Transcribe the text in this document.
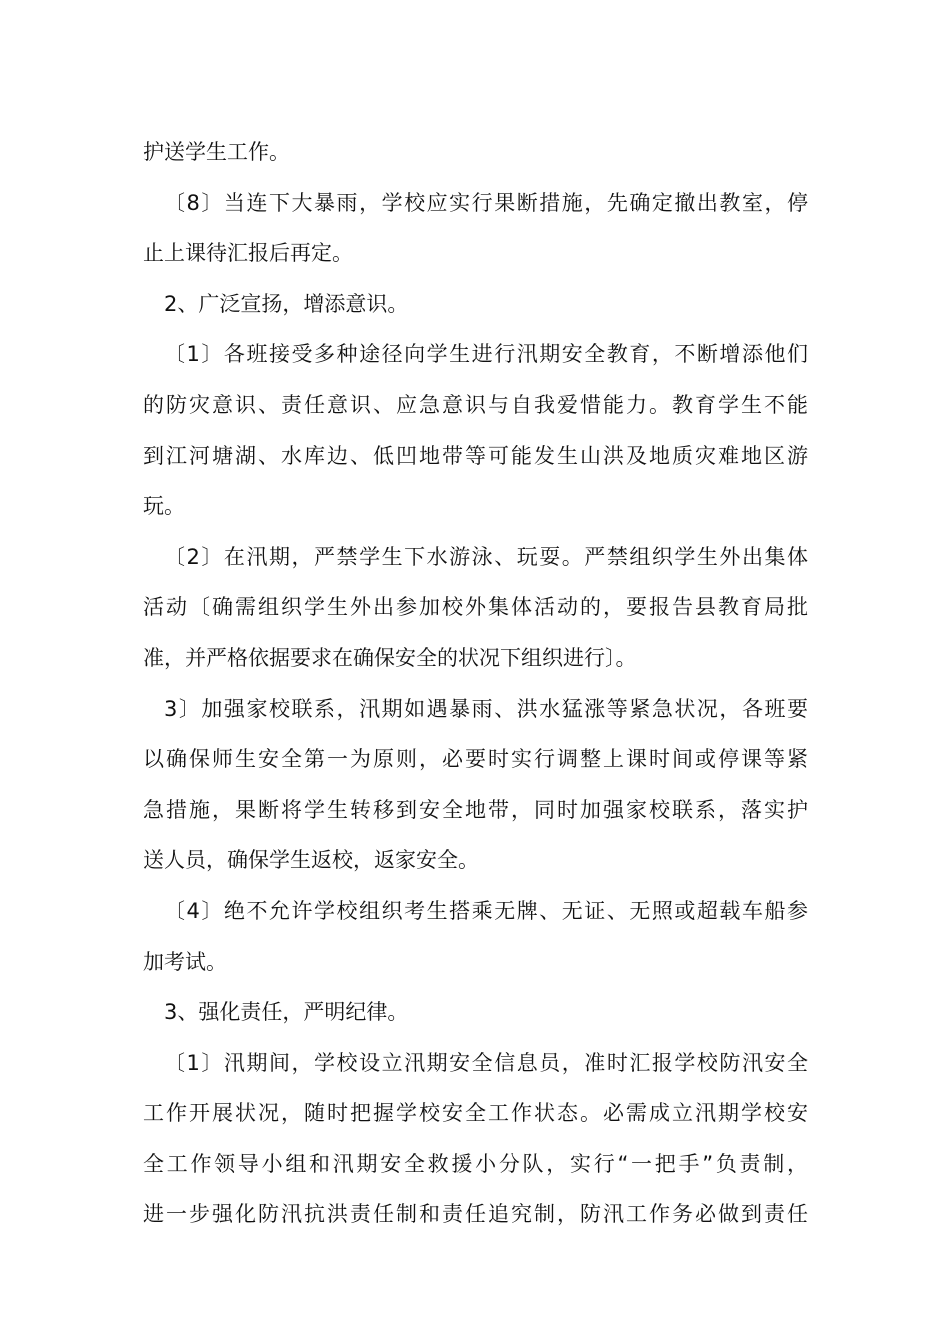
护送学生工作。
〔8〕当连下大暴雨，学校应实行果断措施，先确定撤出教室，停
止上课待汇报后再定。
2、广泛宣扬，增添意识。
〔1〕各班接受多种途径向学生进行汛期安全教育，不断增添他们
的防灾意识、责任意识、应急意识与自我爱惜能力。教育学生不能
到江河塘湖、水库边、低凹地带等可能发生山洪及地质灾难地区游
玩。
〔2〕在汛期，严禁学生下水游泳、玩耍。严禁组织学生外出集体
活动〔确需组织学生外出参加校外集体活动的，要报告县教育局批
准，并严格依据要求在确保安全的状况下组织进行〕。
3〕加强家校联系，汛期如遇暴雨、洪水猛涨等紧急状况，各班要
以确保师生安全第一为原则，必要时实行调整上课时间或停课等紧
急措施，果断将学生转移到安全地带，同时加强家校联系，落实护
送人员，确保学生返校，返家安全。
〔4〕绝不允许学校组织考生搭乘无牌、无证、无照或超载车船参
加考试。
3、强化责任，严明纪律。
〔1〕汛期间，学校设立汛期安全信息员，准时汇报学校防汛安全
工作开展状况，随时把握学校安全工作状态。必需成立汛期学校安
全工作领导小组和汛期安全救援小分队，实行“一把手”负责制，
进一步强化防汛抗洪责任制和责任追究制，防汛工作务必做到责任
